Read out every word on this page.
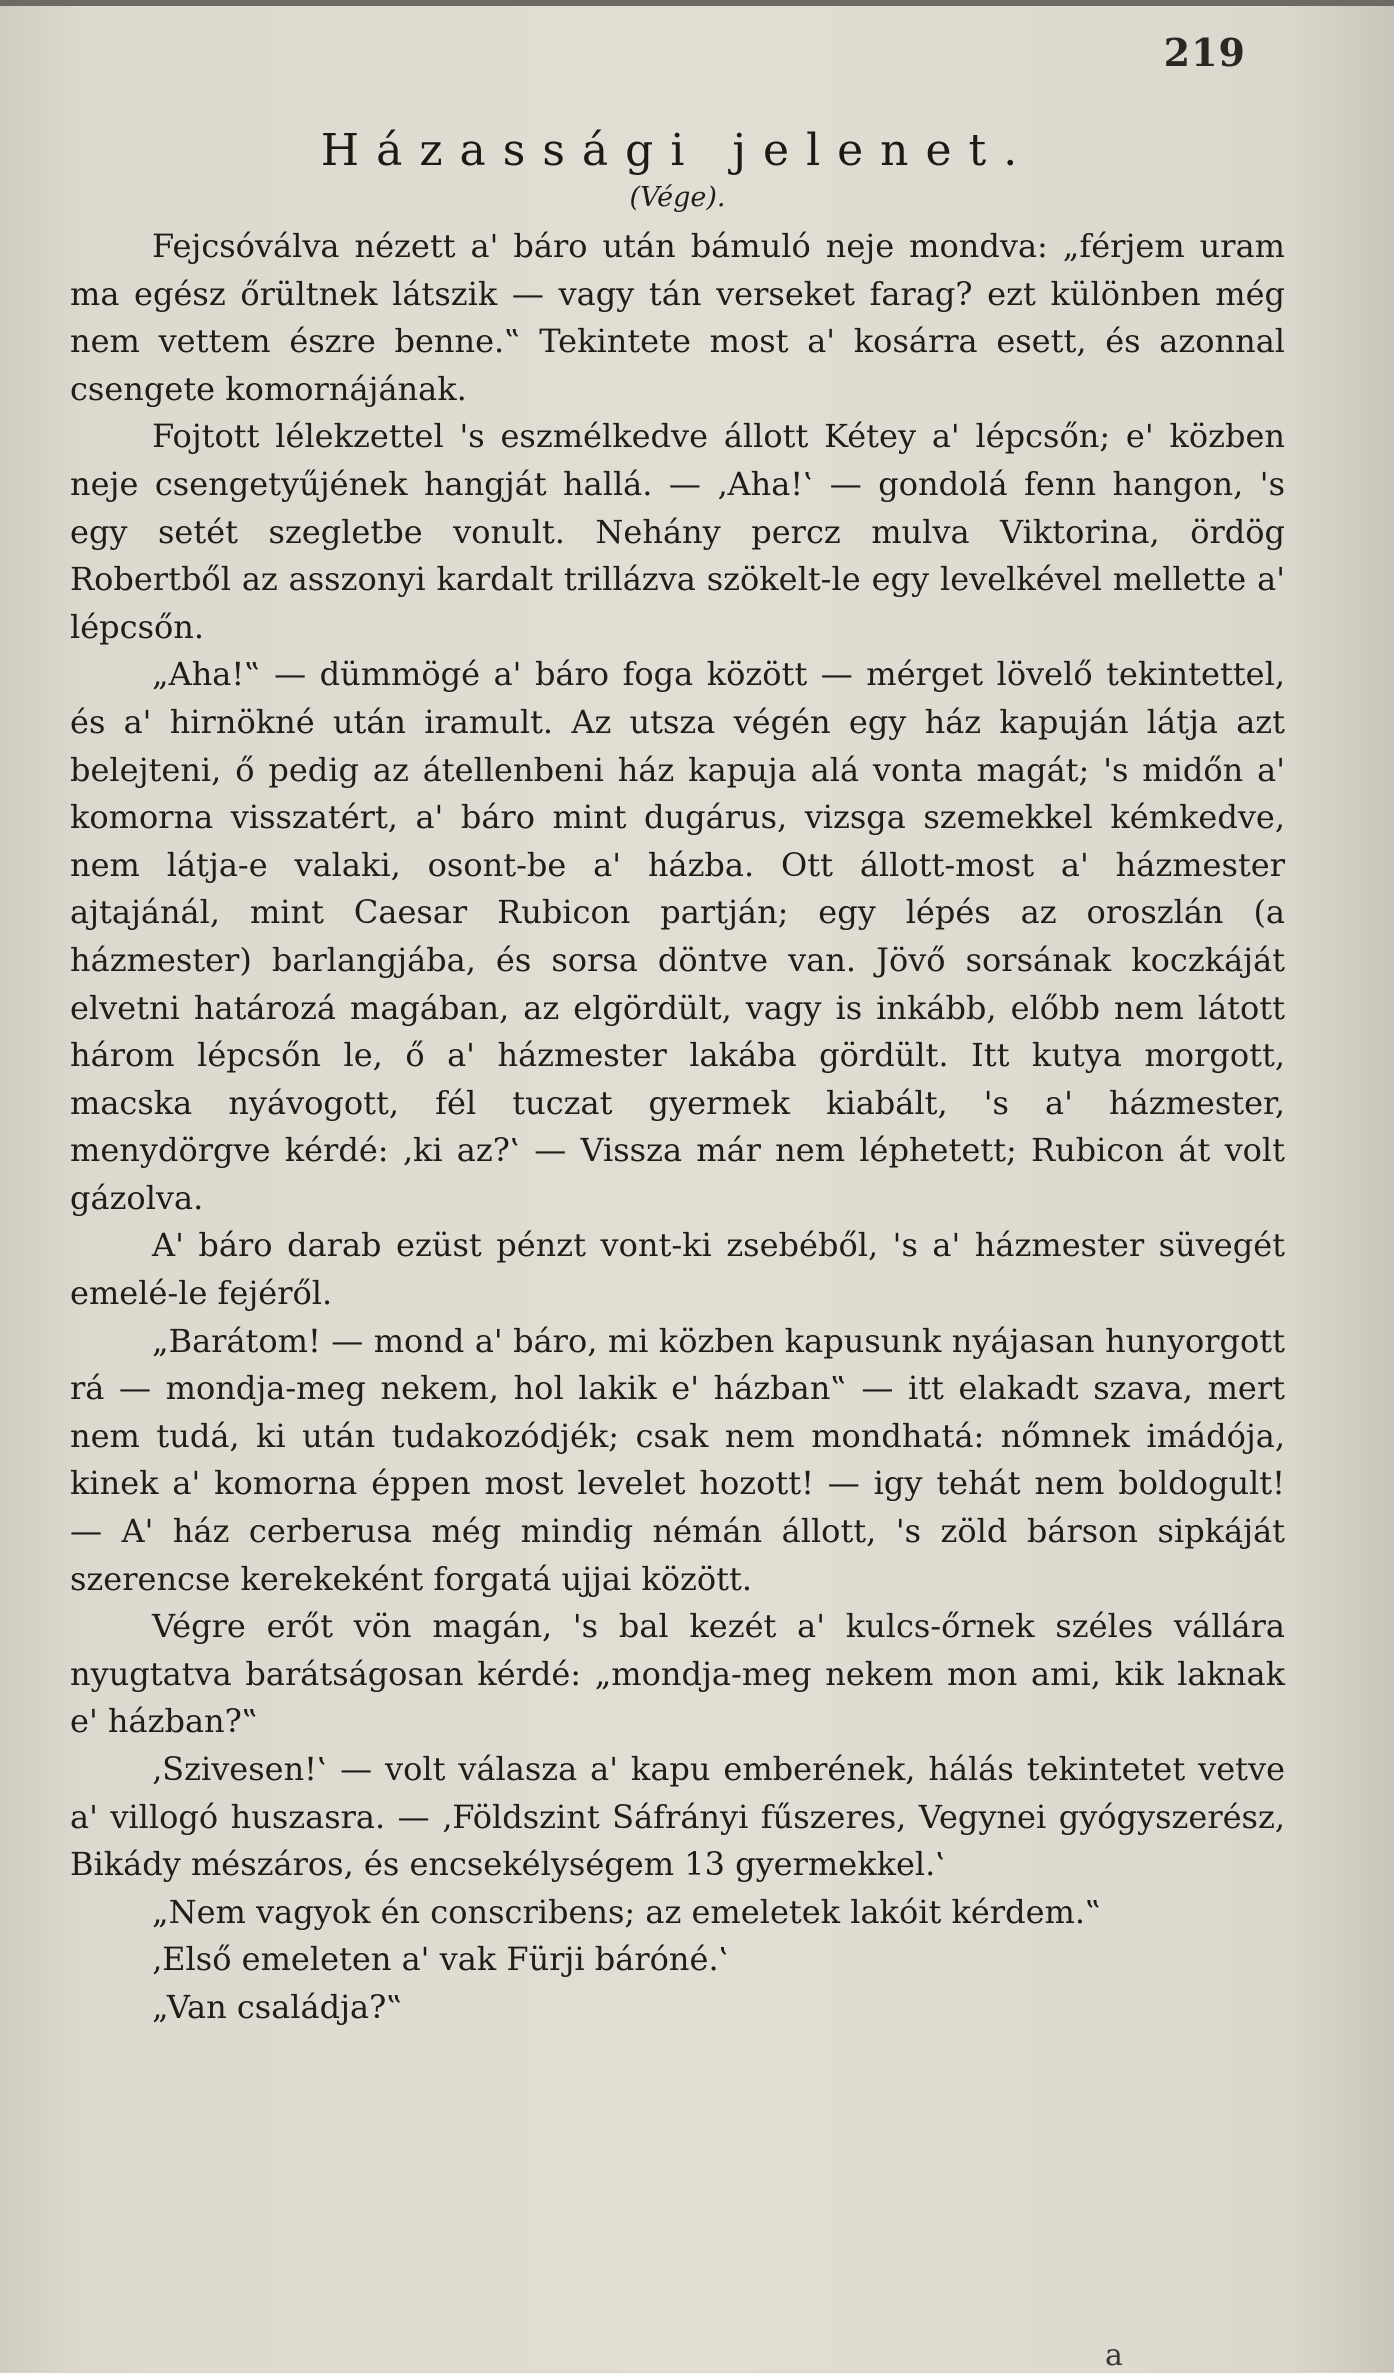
219
Házassági jelenet.
(Vége).

Fejcsóválva nézett a' báro után bámuló neje mondva: „férjem uram ma egész őrültnek látszik — vagy tán verseket farag? ezt különben még nem vettem észre benne.‟ Tekintete most a' kosárra esett, és azonnal csengete komornájának.

Fojtott lélekzettel 's eszmélkedve állott Kétey a' lépcsőn; e' közben neje csengetyűjének hangját hallá. — ‚Aha!‛ — gondolá fenn hangon, 's egy setét szegletbe vonult. Nehány percz mulva Viktorina, ördög Robertből az asszonyi kardalt trillázva szökelt-le egy levelkével mellette a' lépcsőn.

„Aha!‟ — dümmögé a' báro foga között — mérget lövelő tekintettel, és a' hirnökné után iramult. Az utsza végén egy ház kapuján látja azt belejteni, ő pedig az átellenbeni ház kapuja alá vonta magát; 's midőn a' komorna visszatért, a' báro mint dugárus, vizsga szemekkel kémkedve, nem látja-e valaki, osont-be a' házba. Ott állott-most a' házmester ajtajánál, mint Caesar Rubicon partján; egy lépés az oroszlán (a házmester) barlangjába, és sorsa döntve van. Jövő sorsának koczkáját elvetni határozá magában, az elgördült, vagy is inkább, előbb nem látott három lépcsőn le, ő a' házmester lakába gördült. Itt kutya morgott, macska nyávogott, fél tuczat gyermek kiabált, 's a' házmester, menydörgve kérdé: ‚ki az?‛ — Vissza már nem léphetett; Rubicon át volt gázolva.

A' báro darab ezüst pénzt vont-ki zsebéből, 's a' házmester süvegét emelé-le fejéről.

„Barátom! — mond a' báro, mi közben kapusunk nyájasan hunyorgott rá — mondja-meg nekem, hol lakik e' házban‟ — itt elakadt szava, mert nem tudá, ki után tudakozódjék; csak nem mondhatá: nőmnek imádója, kinek a' komorna éppen most levelet hozott! — igy tehát nem boldogult! — A' ház cerberusa még mindig némán állott, 's zöld bárson sipkáját szerencse kerekeként forgatá ujjai között.

Végre erőt vön magán, 's bal kezét a' kulcs-őrnek széles vállára nyugtatva barátságosan kérdé: „mondja-meg nekem mon ami, kik laknak e' házban?‟

‚Szivesen!‛ — volt válasza a' kapu emberének, hálás tekintetet vetve a' villogó huszasra. — ‚Földszint Sáfrányi fűszeres, Vegynei gyógyszerész, Bikády mészáros, és encsekélységem 13 gyermekkel.‛

„Nem vagyok én conscribens; az emeletek lakóit kérdem.‟

‚Első emeleten a' vak Fürji báróné.‛

„Van családja?‟

a
